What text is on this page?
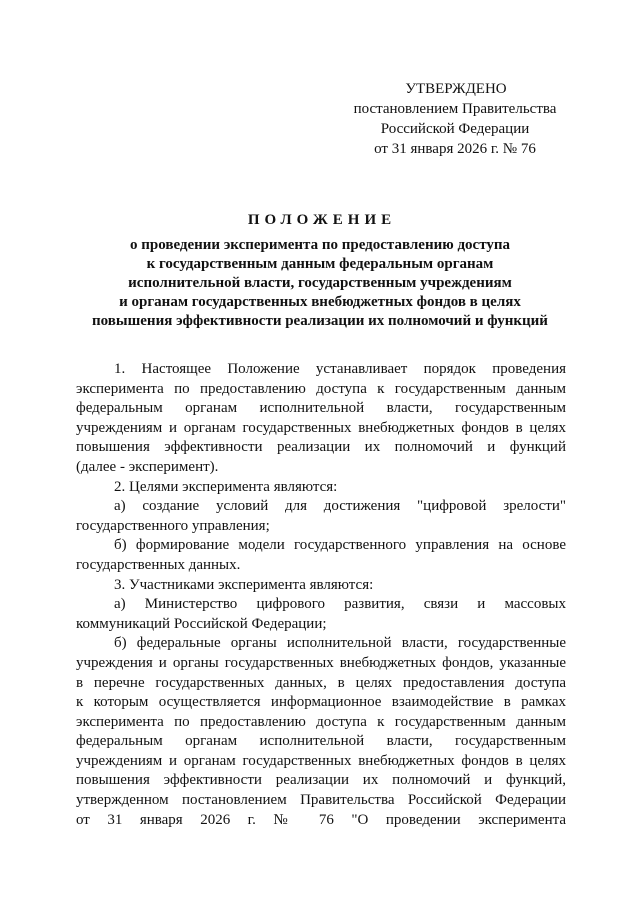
УТВЕРЖДЕНО
постановлением Правительства
Российской Федерации
от 31 января 2026 г. № 76
ПОЛОЖЕНИЕ
о проведении эксперимента по предоставлению доступа
к государственным данным федеральным органам
исполнительной власти, государственным учреждениям
и органам государственных внебюджетных фондов в целях
повышения эффективности реализации их полномочий и функций
1. Настоящее Положение устанавливает порядок проведения
эксперимента по предоставлению доступа к государственным данным
федеральным органам исполнительной власти, государственным
учреждениям и органам государственных внебюджетных фондов в целях
повышения эффективности реализации их полномочий и функций
(далее - эксперимент).
2. Целями эксперимента являются:
а) создание условий для достижения "цифровой зрелости"
государственного управления;
б) формирование модели государственного управления на основе
государственных данных.
3. Участниками эксперимента являются:
а) Министерство цифрового развития, связи и массовых
коммуникаций Российской Федерации;
б) федеральные органы исполнительной власти, государственные
учреждения и органы государственных внебюджетных фондов, указанные
в перечне государственных данных, в целях предоставления доступа
к которым осуществляется информационное взаимодействие в рамках
эксперимента по предоставлению доступа к государственным данным
федеральным органам исполнительной власти, государственным
учреждениям и органам государственных внебюджетных фондов в целях
повышения эффективности реализации их полномочий и функций,
утвержденном постановлением Правительства Российской Федерации
от 31 января 2026 г. № 76 "О проведении эксперимента
